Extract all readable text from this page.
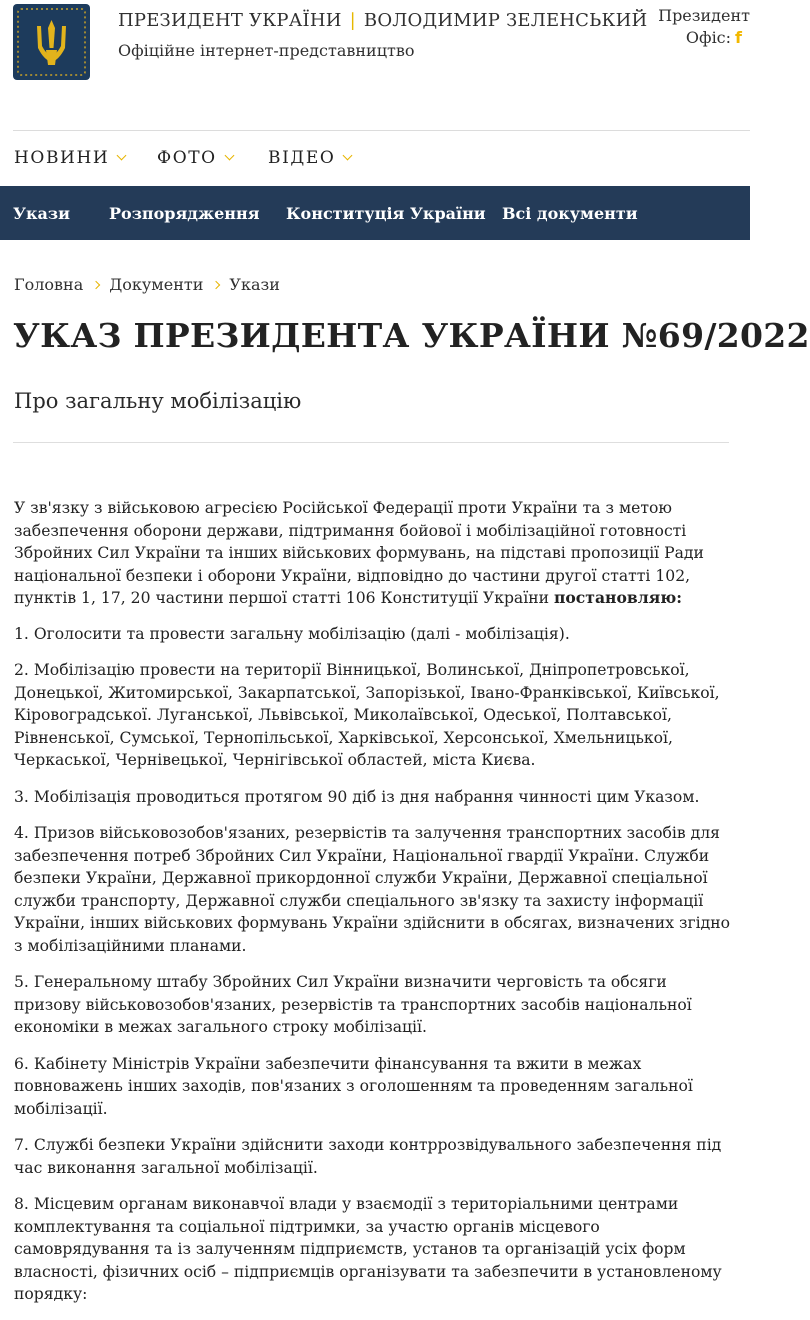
ПРЕЗИДЕНТ УКРАЇНИ | ВОЛОДИМИР ЗЕЛЕНСЬКИЙ
Офіційне інтернет-представництво
Президент
Офіс: f
НОВИНИ	ФОТО	ВІДЕО
Укази Розпорядження Конституція України Всі документи
Головна Документи Укази
УКАЗ ПРЕЗИДЕНТА УКРАЇНИ №69/2022
Про загальну мобілізацію

У зв'язку з військовою агресією Російської Федерації проти України та з метою забезпечення оборони держави, підтримання бойової і мобілізаційної готовності Збройних Сил України та інших військових формувань, на підставі пропозиції Ради національної безпеки і оборони України, відповідно до частини другої статті 102, пунктів 1, 17, 20 частини першої статті 106 Конституції України постановляю:

1. Оголосити та провести загальну мобілізацію (далі - мобілізація).

2. Мобілізацію провести на території Вінницької, Волинської, Дніпропетровської, Донецької, Житомирської, Закарпатської, Запорізької, Івано-Франківської, Київської, Кіровоградської. Луганської, Львівської, Миколаївської, Одеської, Полтавської, Рівненської, Сумської, Тернопільської, Харківської, Херсонської, Хмельницької, Черкаської, Чернівецької, Чернігівської областей, міста Києва.

3. Мобілізація проводиться протягом 90 діб із дня набрання чинності цим Указом.

4. Призов військовозобов'язаних, резервістів та залучення транспортних засобів для забезпечення потреб Збройних Сил України, Національної гвардії України. Служби безпеки України, Державної прикордонної служби України, Державної спеціальної служби транспорту, Державної служби спеціального зв'язку та захисту інформації України, інших військових формувань України здійснити в обсягах, визначених згідно з мобілізаційними планами.

5. Генеральному штабу Збройних Сил України визначити черговість та обсяги призову військовозобов'язаних, резервістів та транспортних засобів національної економіки в межах загального строку мобілізації.

6. Кабінету Міністрів України забезпечити фінансування та вжити в межах повноважень інших заходів, пов'язаних з оголошенням та проведенням загальної мобілізації.

7. Службі безпеки України здійснити заходи контррозвідувального забезпечення під час виконання загальної мобілізації.

8. Місцевим органам виконавчої влади у взаємодії з територіальними центрами комплектування та соціальної підтримки, за участю органів місцевого самоврядування та із залученням підприємств, установ та організацій усіх форм власності, фізичних осіб – підприємців організувати та забезпечити в установленому порядку:
